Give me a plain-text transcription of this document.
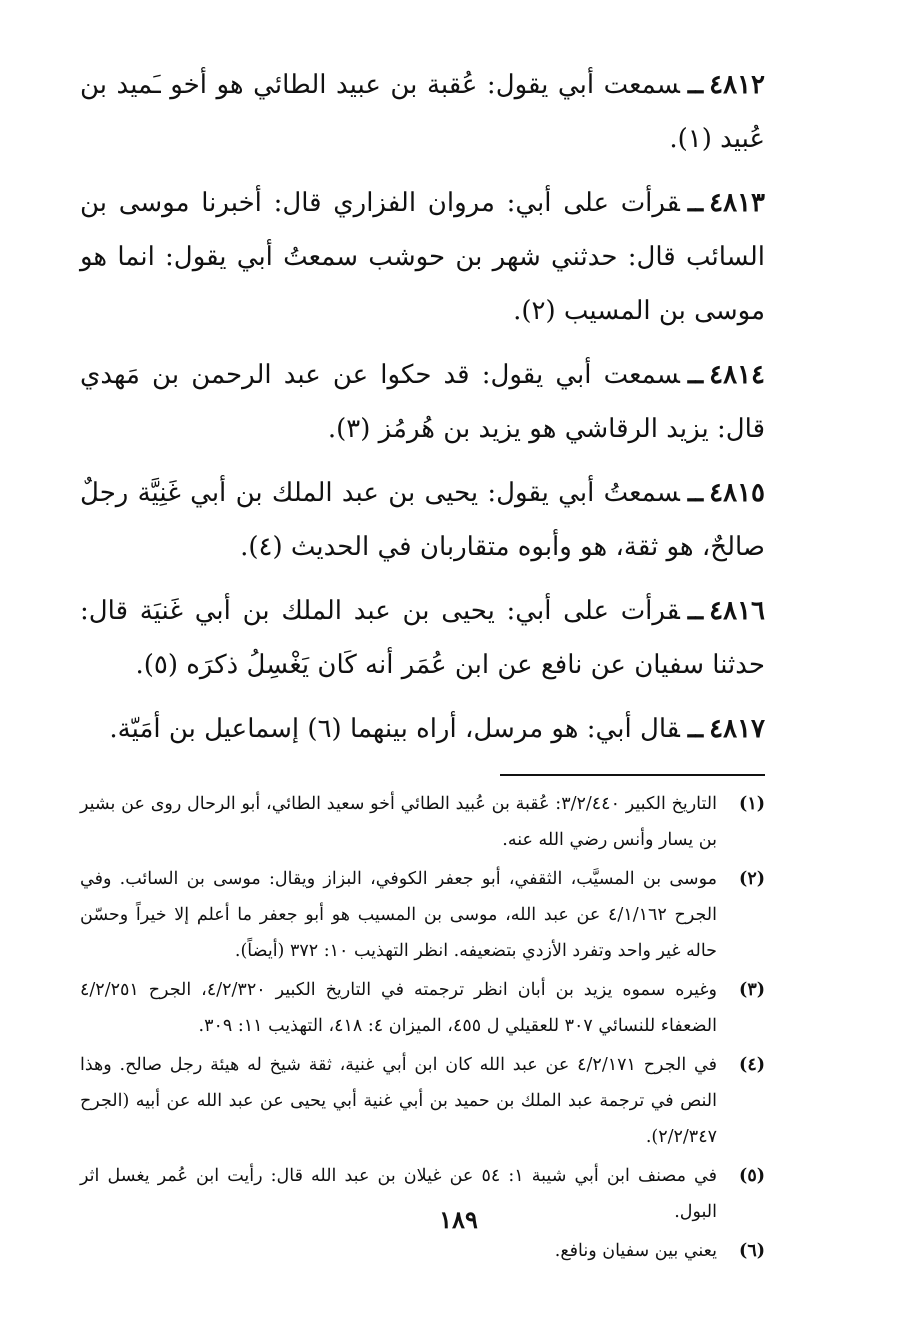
٤٨١٢ــسمعت أبي يقول: عُقبة بن عبيد الطائي هو أخو ـَميد بن عُبيد (١).

٤٨١٣ــقرأت على أبي: مروان الفزاري قال: أخبرنا موسى بن السائب قال: حدثني شهر بن حوشب سمعتُ أبي يقول: انما هو موسى بن المسيب (٢).

٤٨١٤ــسمعت أبي يقول: قد حكوا عن عبد الرحمن بن مَهدي قال: يزيد الرقاشي هو يزيد بن هُرمُز (٣).

٤٨١٥ــسمعتُ أبي يقول: يحيى بن عبد الملك بن أبي غَنِيَّة رجلٌ صالحٌ، هو ثقة، هو وأبوه متقاربان في الحديث (٤).

٤٨١٦ــقرأت على أبي: يحيى بن عبد الملك بن أبي غَنيَة قال: حدثنا سفيان عن نافع عن ابن عُمَر أنه كَان يَغْسِلُ ذكرَه (٥).

٤٨١٧ــقال أبي: هو مرسل، أراه بينهما (٦) إسماعيل بن أمَيّة.

(١)
التاريخ الكبير ٣/٢/٤٤٠: عُقبة بن عُبيد الطائي أخو سعيد الطائي، أبو الرحال روى عن بشير بن يسار وأنس رضي الله عنه.
(٢)
موسى بن المسيَّب، الثقفي، أبو جعفر الكوفي، البزاز ويقال: موسى بن السائب. وفي الجرح ٤/١/١٦٢ عن عبد الله، موسى بن المسيب هو أبو جعفر ما أعلم إلا خيراً وحسّن حاله غير واحد وتفرد الأزدي بتضعيفه. انظر التهذيب ١٠: ٣٧٢ (أيضاً).
(٣)
وغيره سموه يزيد بن أبان انظر ترجمته في التاريخ الكبير ٤/٢/٣٢٠، الجرح ٤/٢/٢٥١ الضعفاء للنسائي ٣٠٧ للعقيلي ل ٤٥٥، الميزان ٤: ٤١٨، التهذيب ١١: ٣٠٩.
(٤)
في الجرح ٤/٢/١٧١ عن عبد الله كان ابن أبي غنية، ثقة شيخ له هيئة رجل صالح. وهذا النص في ترجمة عبد الملك بن حميد بن أبي غنية أبي يحيى عن عبد الله عن أبيه (الجرح ٢/٢/٣٤٧).
(٥)
في مصنف ابن أبي شيبة ١: ٥٤ عن غيلان بن عبد الله قال: رأيت ابن عُمر يغسل اثر البول.
(٦)
يعني بين سفيان ونافع.
١٨٩
